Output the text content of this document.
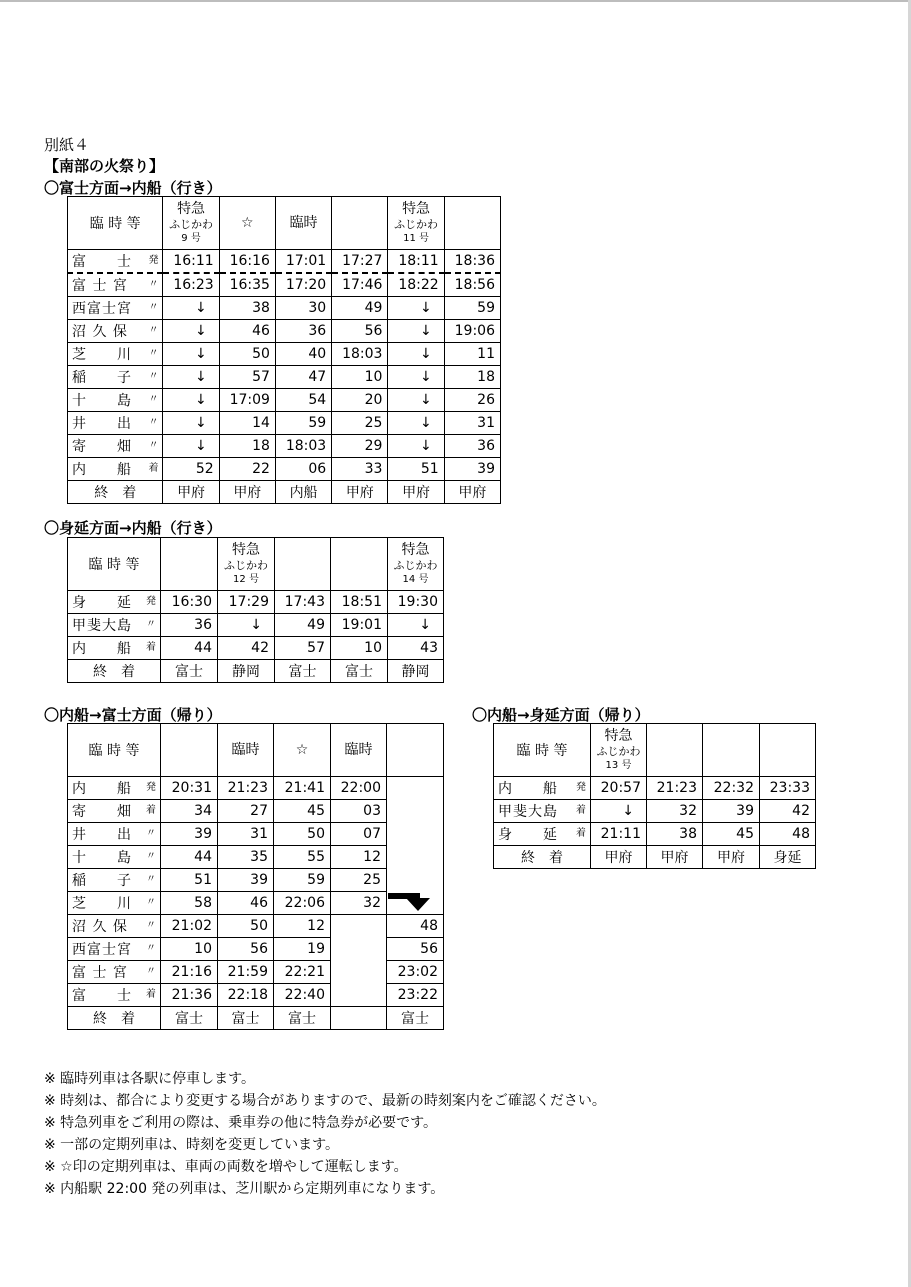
別紙４
【南部の火祭り】
〇富士方面→内船（行き）
臨 時 等	特急
ふじかわ
9 号	☆	臨時		特急
ふじかわ
11 号	

発
富　　士	16:11	16:16	17:01	17:27	18:11	18:36

〃
富 士 宮	16:23	16:35	17:20	17:46	18:22	18:56

〃
西富士宮	↓	38	30	49	↓	59

〃
沼 久 保	↓	46	36	56	↓	19:06

〃
芝　　川	↓	50	40	18:03	↓	11

〃
稲　　子	↓	57	47	10	↓	18

〃
十　　島	↓	17:09	54	20	↓	26

〃
井　　出	↓	14	59	25	↓	31

〃
寄　　畑	↓	18	18:03	29	↓	36

着
内　　船	52	22	06	33	51	39
終　着	甲府	甲府	内船	甲府	甲府	甲府
〇身延方面→内船（行き）
臨 時 等		特急
ふじかわ
12 号			特急
ふじかわ
14 号

発
身　　延	16:30	17:29	17:43	18:51	19:30

〃
甲斐大島	36	↓	49	19:01	↓

着
内　　船	44	42	57	10	43
終　着	富士	静岡	富士	富士	静岡
〇内船→富士方面（帰り）
臨 時 等		臨時	☆	臨時	

発
内　　船	20:31	21:23	21:41	22:00	

着
寄　　畑	34	27	45	03	

〃
井　　出	39	31	50	07	

〃
十　　島	44	35	55	12	

〃
稲　　子	51	39	59	25	

〃
芝　　川	58	46	22:06	32	

〃
沼 久 保	21:02	50	12		48

〃
西富士宮	10	56	19		56

〃
富 士 宮	21:16	21:59	22:21		23:02

着
富　　士	21:36	22:18	22:40		23:22
終　着	富士	富士	富士		富士
〇内船→身延方面（帰り）
臨 時 等	特急
ふじかわ
13 号			

発
内　　船	20:57	21:23	22:32	23:33

着
甲斐大島	↓	32	39	42

着
身　　延	21:11	38	45	48
終　着	甲府	甲府	甲府	身延
※ 臨時列車は各駅に停車します。
※ 時刻は、都合により変更する場合がありますので、最新の時刻案内をご確認ください。
※ 特急列車をご利用の際は、乗車券の他に特急券が必要です。
※ 一部の定期列車は、時刻を変更しています。
※ ☆印の定期列車は、車両の両数を増やして運転します。
※ 内船駅 22:00 発の列車は、芝川駅から定期列車になります。
